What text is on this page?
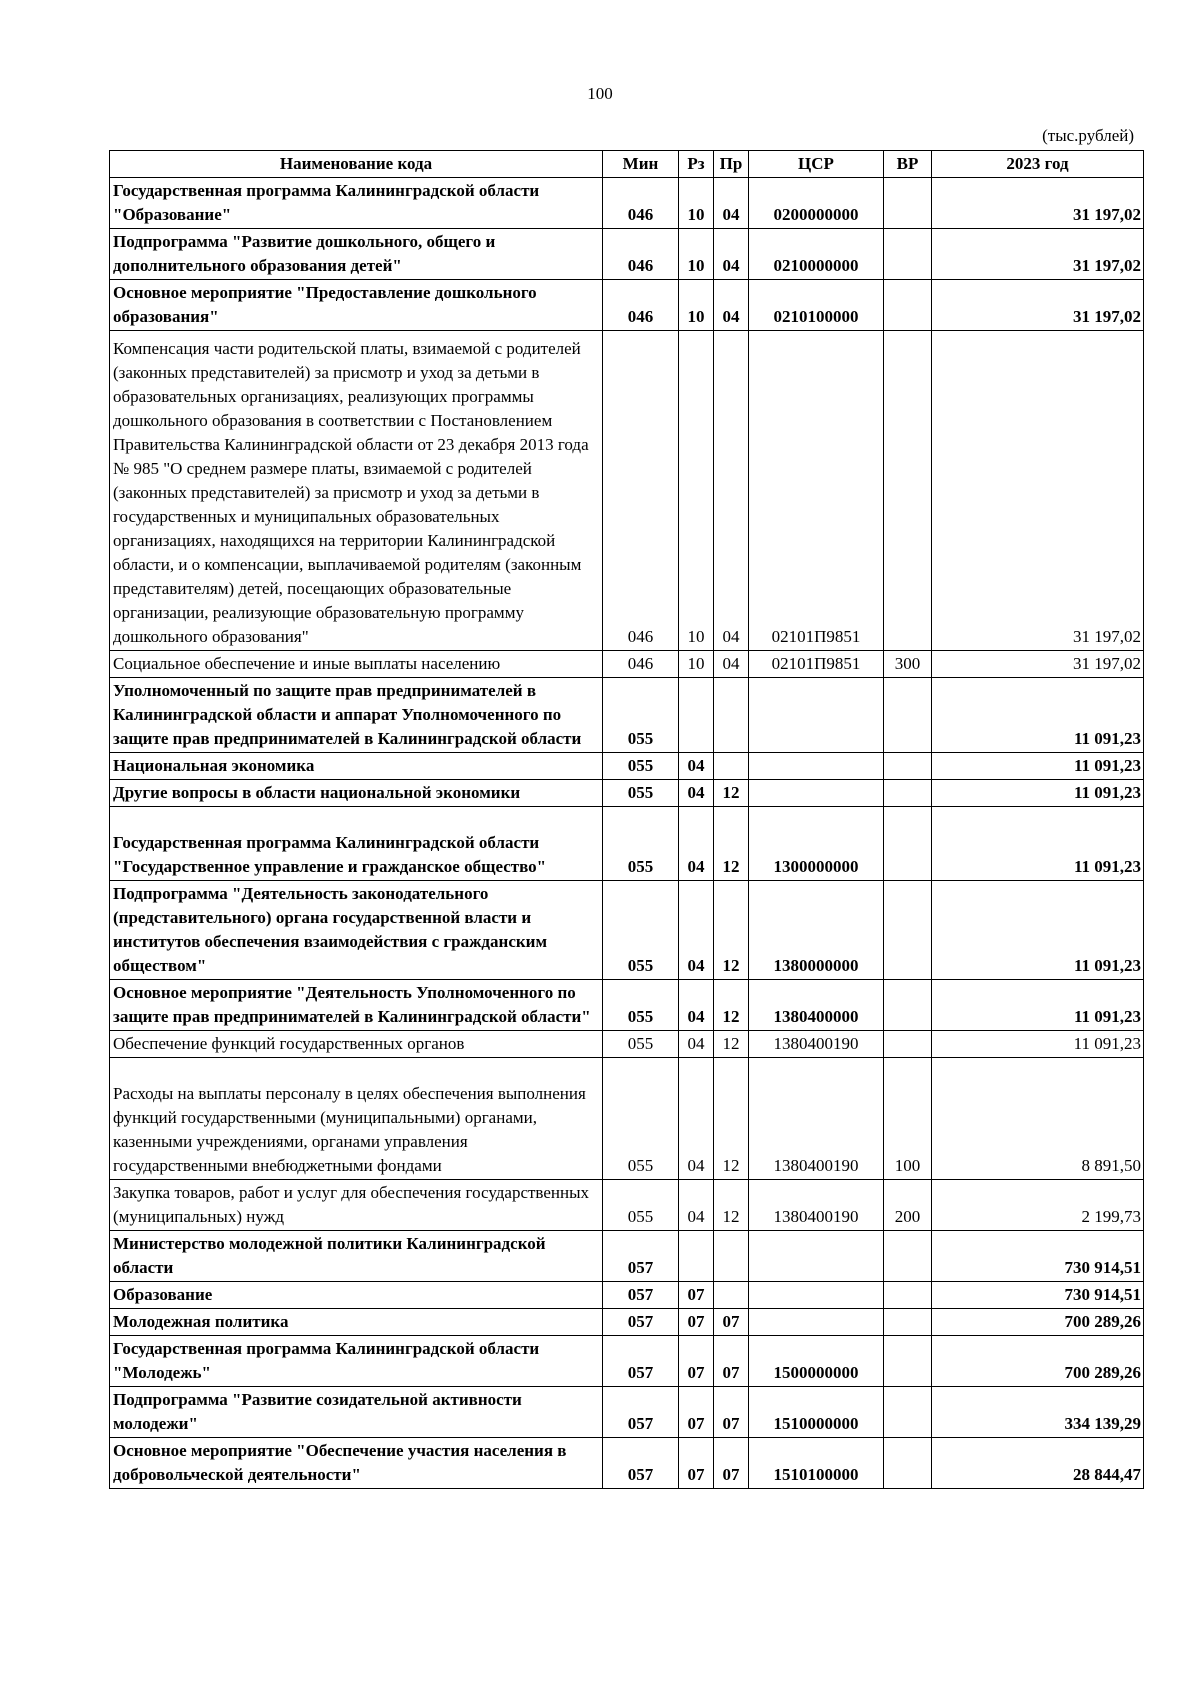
100
(тыс.рублей)
Наименование кода	Мин	Рз	Пр	ЦСР	ВР	2023 год
Государственная программа Калининградской области "Образование"	046	10	04	0200000000		31 197,02
Подпрограмма "Развитие дошкольного, общего и дополнительного образования детей"	046	10	04	0210000000		31 197,02
Основное мероприятие "Предоставление дошкольного образования"	046	10	04	0210100000		31 197,02
Компенсация части родительской платы, взимаемой с родителей (законных представителей) за присмотр и уход за детьми в образовательных организациях, реализующих программы дошкольного образования в соответствии с Постановлением Правительства Калининградской области от 23 декабря 2013 года № 985 "О среднем размере платы, взимаемой с родителей (законных представителей) за присмотр и уход за детьми в государственных и муниципальных образовательных организациях, находящихся на территории Калининградской области, и о компенсации, выплачиваемой родителям (законным представителям) детей, посещающих образовательные организации, реализующие образовательную программу дошкольного образования"	046	10	04	02101П9851		31 197,02
Социальное обеспечение и иные выплаты населению	046	10	04	02101П9851	300	31 197,02
Уполномоченный по защите прав предпринимателей в Калининградской области и аппарат Уполномоченного по защите прав предпринимателей в Калининградской области	055					11 091,23
Национальная экономика	055	04				11 091,23
Другие вопросы в области национальной экономики	055	04	12			11 091,23
Государственная программа Калининградской области "Государственное управление и гражданское общество"	055	04	12	1300000000		11 091,23
Подпрограмма "Деятельность законодательного (представительного) органа государственной власти и институтов обеспечения взаимодействия с гражданским обществом"	055	04	12	1380000000		11 091,23
Основное мероприятие "Деятельность Уполномоченного по защите прав предпринимателей в Калининградской области"	055	04	12	1380400000		11 091,23
Обеспечение функций государственных органов	055	04	12	1380400190		11 091,23
Расходы на выплаты персоналу в целях обеспечения выполнения функций государственными (муниципальными) органами, казенными учреждениями, органами управления государственными внебюджетными фондами	055	04	12	1380400190	100	8 891,50
Закупка товаров, работ и услуг для обеспечения государственных (муниципальных) нужд	055	04	12	1380400190	200	2 199,73
Министерство молодежной политики Калининградской области	057					730 914,51
Образование	057	07				730 914,51
Молодежная политика	057	07	07			700 289,26
Государственная программа Калининградской области "Молодежь"	057	07	07	1500000000		700 289,26
Подпрограмма "Развитие созидательной активности молодежи"	057	07	07	1510000000		334 139,29
Основное мероприятие "Обеспечение участия населения в добровольческой деятельности"	057	07	07	1510100000		28 844,47
